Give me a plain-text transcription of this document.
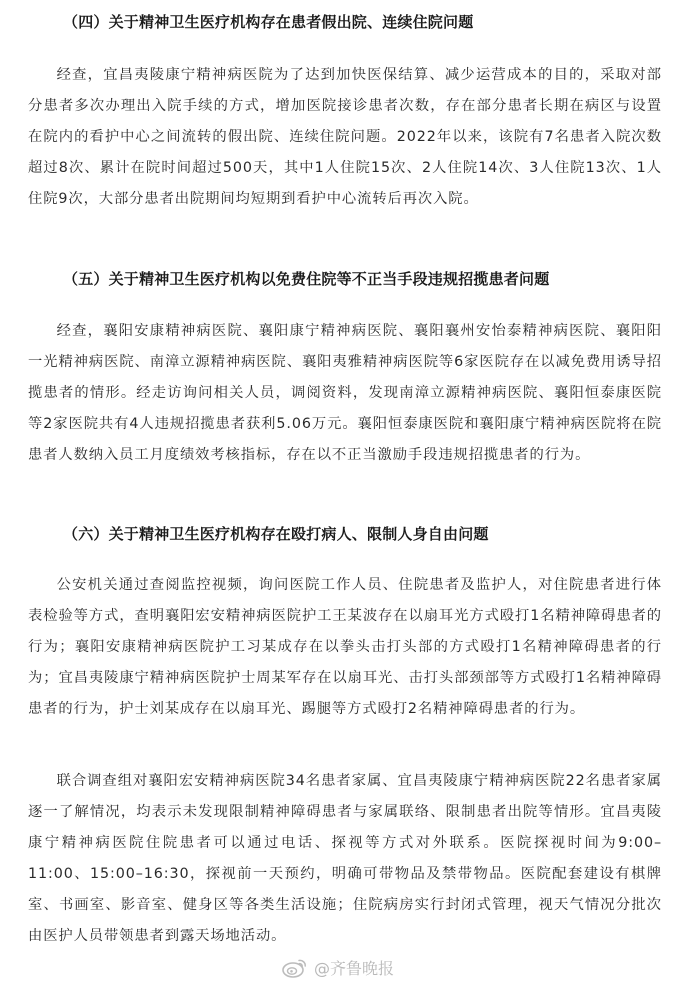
（四）关于精神卫生医疗机构存在患者假出院、连续住院问题

经查，宜昌夷陵康宁精神病医院为了达到加快医保结算、减少运营成本的目的，采取对部分患者多次办理出入院手续的方式，增加医院接诊患者次数，存在部分患者长期在病区与设置在院内的看护中心之间流转的假出院、连续住院问题。2022年以来，该院有7名患者入院次数超过8次、累计在院时间超过500天，其中1人住院15次、2人住院14次、3人住院13次、1人住院9次，大部分患者出院期间均短期到看护中心流转后再次入院。

（五）关于精神卫生医疗机构以免费住院等不正当手段违规招揽患者问题

经查，襄阳安康精神病医院、襄阳康宁精神病医院、襄阳襄州安怡泰精神病医院、襄阳阳一光精神病医院、南漳立源精神病医院、襄阳夷雅精神病医院等6家医院存在以减免费用诱导招揽患者的情形。经走访询问相关人员，调阅资料，发现南漳立源精神病医院、襄阳恒泰康医院等2家医院共有4人违规招揽患者获利5.06万元。襄阳恒泰康医院和襄阳康宁精神病医院将在院患者人数纳入员工月度绩效考核指标，存在以不正当激励手段违规招揽患者的行为。

（六）关于精神卫生医疗机构存在殴打病人、限制人身自由问题

公安机关通过查阅监控视频，询问医院工作人员、住院患者及监护人，对住院患者进行体表检验等方式，查明襄阳宏安精神病医院护工王某波存在以扇耳光方式殴打1名精神障碍患者的行为；襄阳安康精神病医院护工习某成存在以拳头击打头部的方式殴打1名精神障碍患者的行为；宜昌夷陵康宁精神病医院护士周某军存在以扇耳光、击打头部颈部等方式殴打1名精神障碍患者的行为，护士刘某成存在以扇耳光、踢腿等方式殴打2名精神障碍患者的行为。

联合调查组对襄阳宏安精神病医院34名患者家属、宜昌夷陵康宁精神病医院22名患者家属逐一了解情况，均表示未发现限制精神障碍患者与家属联络、限制患者出院等情形。宜昌夷陵康宁精神病医院住院患者可以通过电话、探视等方式对外联系。医院探视时间为9:00–11:00、15:00–16:30，探视前一天预约，明确可带物品及禁带物品。医院配套建设有棋牌室、书画室、影音室、健身区等各类生活设施；住院病房实行封闭式管理，视天气情况分批次由医护人员带领患者到露天场地活动。

@齐鲁晚报
